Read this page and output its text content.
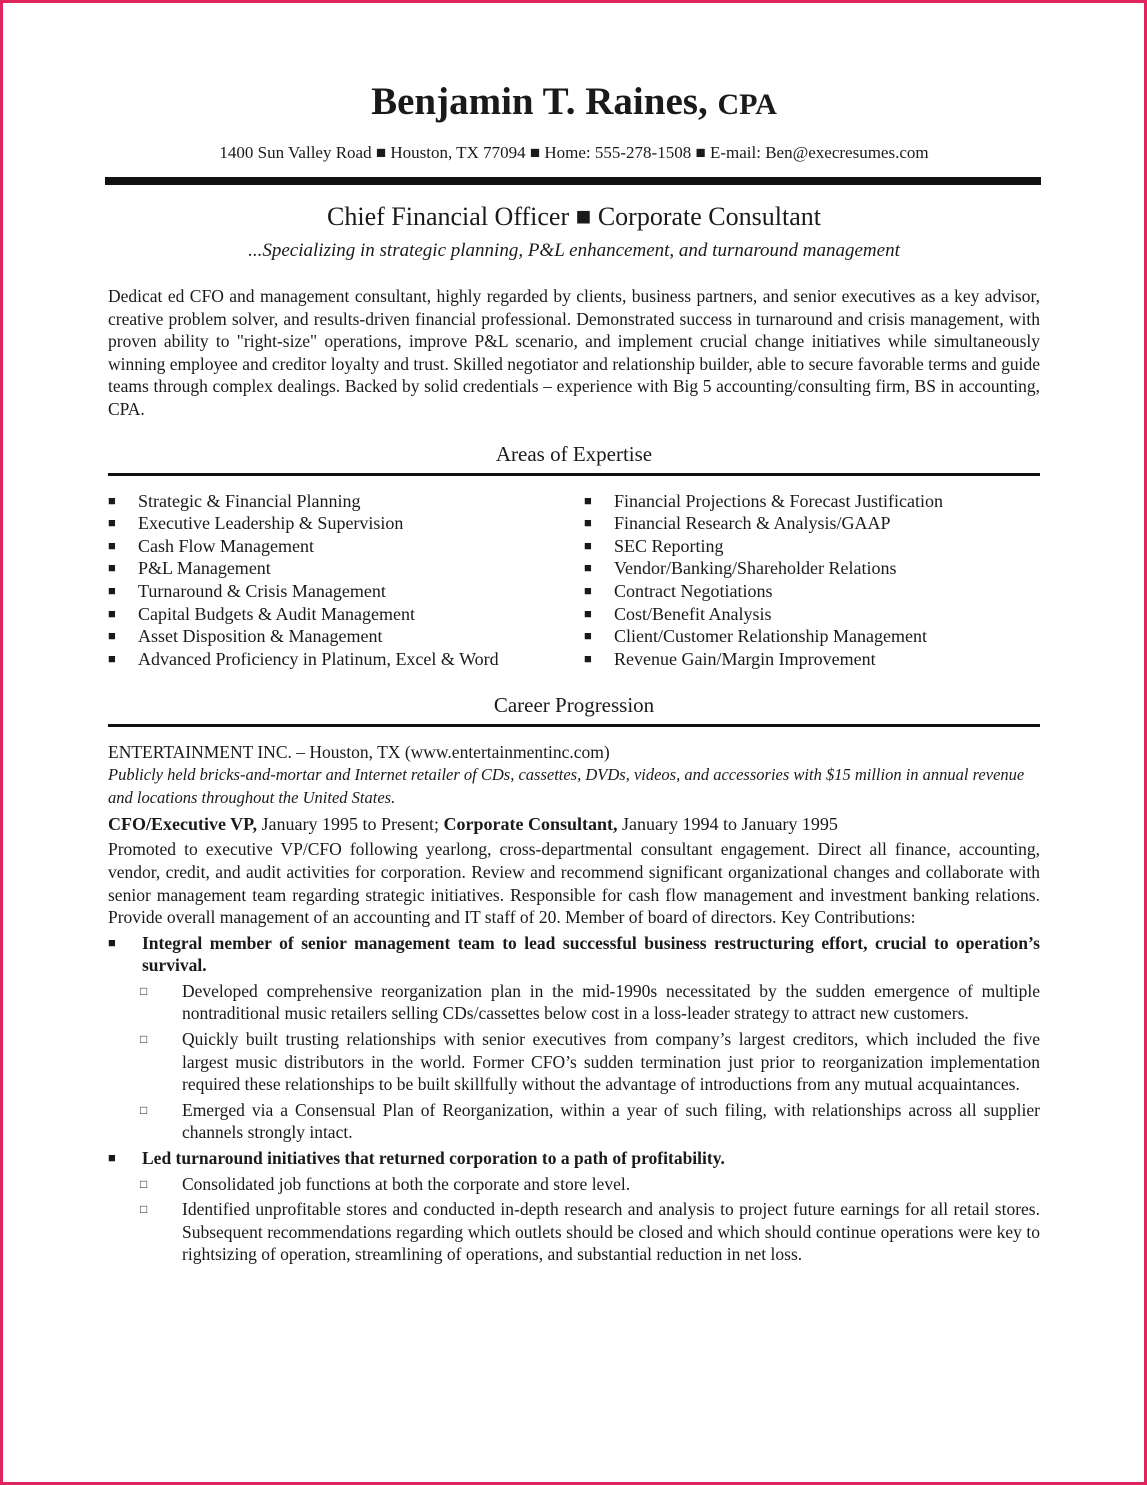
Benjamin T. Raines, CPA
1400 Sun Valley Road ■ Houston, TX 77094 ■ Home: 555-278-1508 ■ E-mail: Ben@execresumes.com
Chief Financial Officer ■ Corporate Consultant
...Specializing in strategic planning, P&L enhancement, and turnaround management
Dedicat ed CFO and management consultant, highly regarded by clients, business partners, and senior executives as a key advisor, creative problem solver, and results-driven financial professional. Demonstrated success in turnaround and crisis management, with proven ability to "right-size" operations, improve P&L scenario, and implement crucial change initiatives while simultaneously winning employee and creditor loyalty and trust. Skilled negotiator and relationship builder, able to secure favorable terms and guide teams through complex dealings. Backed by solid credentials – experience with Big 5 accounting/consulting firm, BS in accounting, CPA.
Areas of Expertise
■	Strategic & Financial Planning
■	Executive Leadership & Supervision
■	Cash Flow Management
■	P&L Management
■	Turnaround & Crisis Management
■	Capital Budgets & Audit Management
■	Asset Disposition & Management
■	Advanced Proficiency in Platinum, Excel & Word
■	Financial Projections & Forecast Justification
■	Financial Research & Analysis/GAAP
■	SEC Reporting
■	Vendor/Banking/Shareholder Relations
■	Contract Negotiations
■	Cost/Benefit Analysis
■	Client/Customer Relationship Management
■	Revenue Gain/Margin Improvement
Career Progression
ENTERTAINMENT INC. – Houston, TX (www.entertainmentinc.com)
Publicly held bricks-and-mortar and Internet retailer of CDs, cassettes, DVDs, videos, and accessories with $15 million in annual revenue and locations throughout the United States.
CFO/Executive VP, January 1995 to Present; Corporate Consultant, January 1994 to January 1995
Promoted to executive VP/CFO following yearlong, cross-departmental consultant engagement. Direct all finance, accounting, vendor, credit, and audit activities for corporation. Review and recommend significant organizational changes and collaborate with senior management team regarding strategic initiatives. Responsible for cash flow management and investment banking relations. Provide overall management of an accounting and IT staff of 20. Member of board of directors. Key Contributions:
■	Integral member of senior management team to lead successful business restructuring effort, crucial to operation’s survival.
□	Developed comprehensive reorganization plan in the mid-1990s necessitated by the sudden emergence of multiple nontraditional music retailers selling CDs/cassettes below cost in a loss-leader strategy to attract new customers.
□	Quickly built trusting relationships with senior executives from company’s largest creditors, which included the five largest music distributors in the world. Former CFO’s sudden termination just prior to reorganization implementation required these relationships to be built skillfully without the advantage of introductions from any mutual acquaintances.
□	Emerged via a Consensual Plan of Reorganization, within a year of such filing, with relationships across all supplier channels strongly intact.
■	Led turnaround initiatives that returned corporation to a path of profitability.
□	Consolidated job functions at both the corporate and store level.
□	Identified unprofitable stores and conducted in-depth research and analysis to project future earnings for all retail stores. Subsequent recommendations regarding which outlets should be closed and which should continue operations were key to rightsizing of operation, streamlining of operations, and substantial reduction in net loss.
